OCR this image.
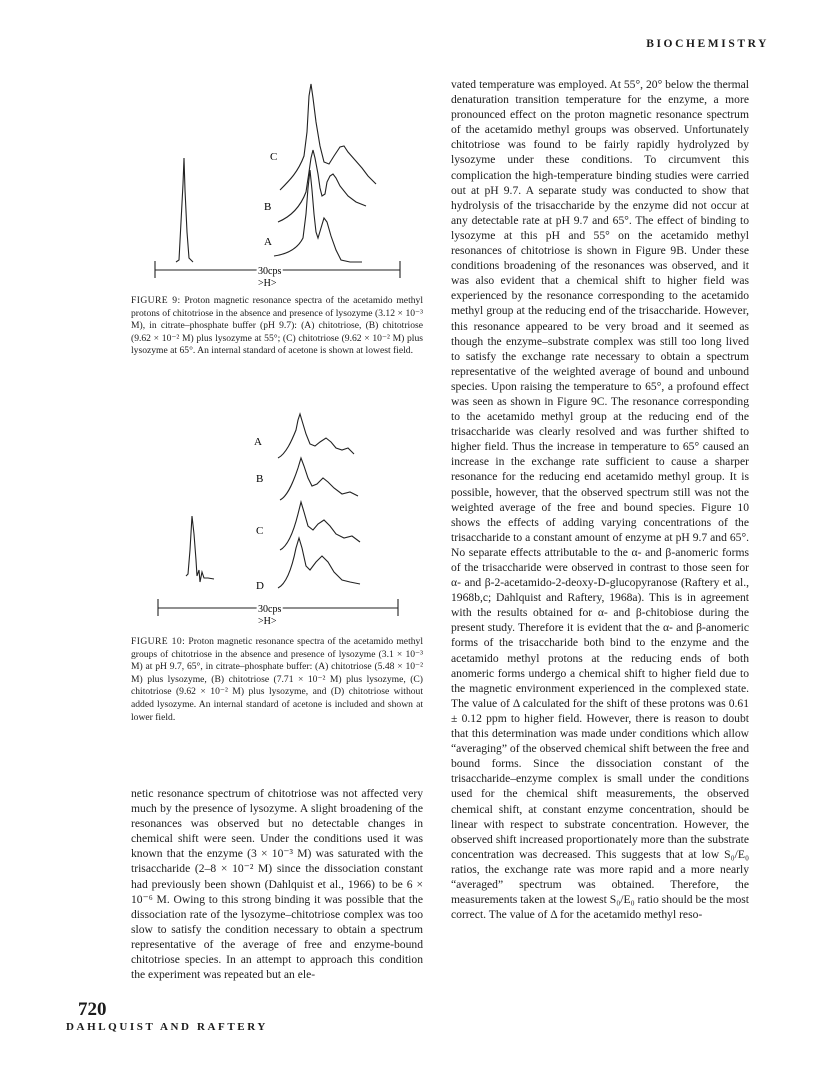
BIOCHEMISTRY
C
B
A
30cps
>H>
FIGURE 9: Proton magnetic resonance spectra of the acetamido methyl protons of chitotriose in the absence and presence of lysozyme (3.12 × 10⁻³ M), in citrate–phosphate buffer (pH 9.7): (A) chitotriose, (B) chitotriose (9.62 × 10⁻² M) plus lysozyme at 55°; (C) chitotriose (9.62 × 10⁻² M) plus lysozyme at 65°. An internal standard of acetone is shown at lowest field.
A
B
C
D
30cps
>H>
FIGURE 10: Proton magnetic resonance spectra of the acetamido methyl groups of chitotriose in the absence and presence of lysozyme (3.1 × 10⁻³ M) at pH 9.7, 65°, in citrate–phosphate buffer: (A) chitotriose (5.48 × 10⁻² M) plus lysozyme, (B) chitotriose (7.71 × 10⁻² M) plus lysozyme, (C) chitotriose (9.62 × 10⁻² M) plus lysozyme, and (D) chitotriose without added lysozyme. An internal standard of acetone is included and shown at lower field.
netic resonance spectrum of chitotriose was not affected very much by the presence of lysozyme. A slight broadening of the resonances was observed but no detectable changes in chemical shift were seen. Under the conditions used it was known that the enzyme (3 × 10⁻³ M) was saturated with the trisaccharide (2–8 × 10⁻² M) since the dissociation constant had previously been shown (Dahlquist et al., 1966) to be 6 × 10⁻⁶ M. Owing to this strong binding it was possible that the dissociation rate of the lysozyme–chitotriose complex was too slow to satisfy the condition necessary to obtain a spectrum representative of the average of free and enzyme-bound chitotriose species. In an attempt to approach this condition the experiment was repeated but an ele-
vated temperature was employed. At 55°, 20° below the thermal denaturation transition temperature for the enzyme, a more pronounced effect on the proton magnetic resonance spectrum of the acetamido methyl groups was observed. Unfortunately chitotriose was found to be fairly rapidly hydrolyzed by lysozyme under these conditions. To circumvent this complication the high-temperature binding studies were carried out at pH 9.7. A separate study was conducted to show that hydrolysis of the trisaccharide by the enzyme did not occur at any detectable rate at pH 9.7 and 65°. The effect of binding to lysozyme at this pH and 55° on the acetamido methyl resonances of chitotriose is shown in Figure 9B. Under these conditions broadening of the resonances was observed, and it was also evident that a chemical shift to higher field was experienced by the resonance corresponding to the acetamido methyl group at the reducing end of the trisaccharide. However, this resonance appeared to be very broad and it seemed as though the enzyme–substrate complex was still too long lived to satisfy the exchange rate necessary to obtain a spectrum representative of the weighted average of bound and unbound species. Upon raising the temperature to 65°, a profound effect was seen as shown in Figure 9C. The resonance corresponding to the acetamido methyl group at the reducing end of the trisaccharide was clearly resolved and was further shifted to higher field. Thus the increase in temperature to 65° caused an increase in the exchange rate sufficient to cause a sharper resonance for the reducing end acetamido methyl group. It is possible, however, that the observed spectrum still was not the weighted average of the free and bound species. Figure 10 shows the effects of adding varying concentrations of the trisaccharide to a constant amount of enzyme at pH 9.7 and 65°. No separate effects attributable to the α- and β-anomeric forms of the trisaccharide were observed in contrast to those seen for α- and β-2-acetamido-2-deoxy-D-glucopyranose (Raftery et al., 1968b,c; Dahlquist and Raftery, 1968a). This is in agreement with the results obtained for α- and β-chitobiose during the present study. Therefore it is evident that the α- and β-anomeric forms of the trisaccharide both bind to the enzyme and the acetamido methyl protons at the reducing ends of both anomeric forms undergo a chemical shift to higher field due to the magnetic environment experienced in the complexed state. The value of Δ calculated for the shift of these protons was 0.61 ± 0.12 ppm to higher field. However, there is reason to doubt that this determination was made under conditions which allow “averaging” of the observed chemical shift between the free and bound forms. Since the dissociation constant of the trisaccharide–enzyme complex is small under the conditions used for the chemical shift measurements, the observed chemical shift, at constant enzyme concentration, should be linear with respect to substrate concentration. However, the observed shift increased proportionately more than the substrate concentration was decreased. This suggests that at low S₀/E₀ ratios, the exchange rate was more rapid and a more nearly “averaged” spectrum was obtained. Therefore, the measurements taken at the lowest S₀/E₀ ratio should be the most correct. The value of Δ for the acetamido methyl reso-
720
DAHLQUIST AND RAFTERY
